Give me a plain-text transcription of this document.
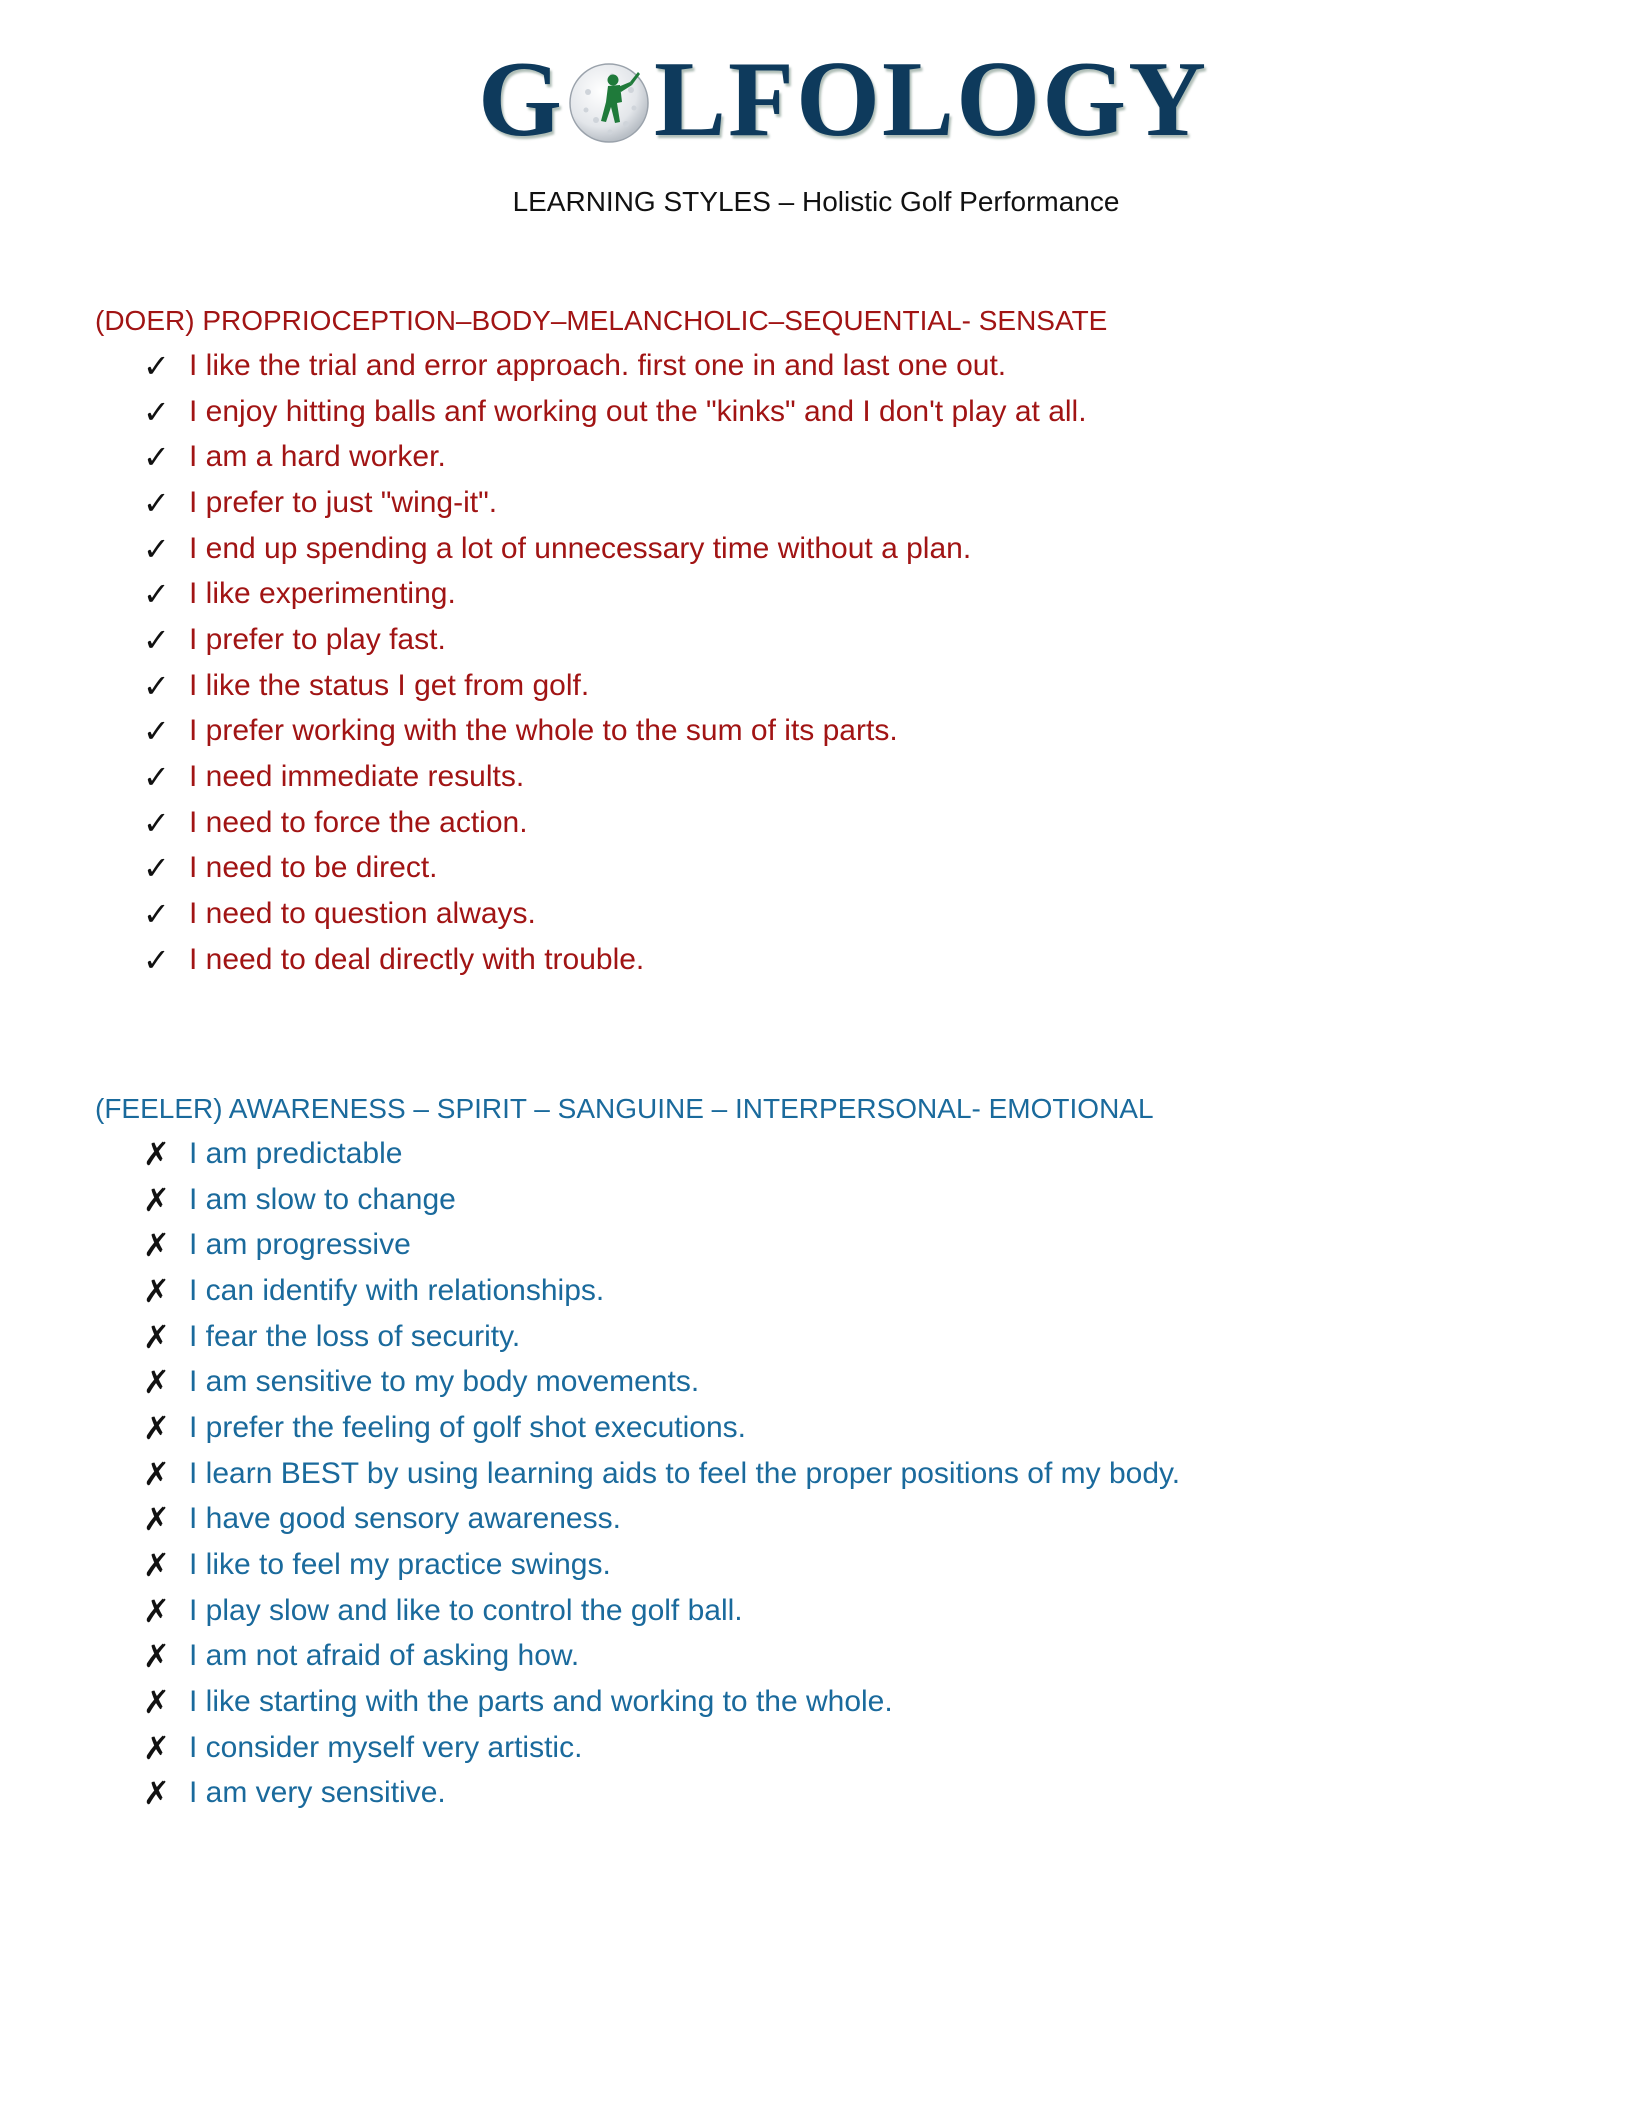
G LFOLOGY
LEARNING STYLES – Holistic Golf Performance
(DOER) PROPRIOCEPTION–BODY–MELANCHOLIC–SEQUENTIAL- SENSATE
✓ I like the trial and error approach. first one in and last one out.
✓ I enjoy hitting balls anf working out the "kinks" and I don't play at all.
✓ I am a hard worker.
✓ I prefer to just "wing-it".
✓ I end up spending a lot of unnecessary time without a plan.
✓ I like experimenting.
✓ I prefer to play fast.
✓ I like the status I get from golf.
✓ I prefer working with the whole to the sum of its parts.
✓ I need immediate results.
✓ I need to force the action.
✓ I need to be direct.
✓ I need to question always.
✓ I need to deal directly with trouble.
(FEELER) AWARENESS – SPIRIT – SANGUINE – INTERPERSONAL- EMOTIONAL
✗ I am predictable
✗ I am slow to change
✗ I am progressive
✗ I can identify with relationships.
✗ I fear the loss of security.
✗ I am sensitive to my body movements.
✗ I prefer the feeling of golf shot executions.
✗ I learn BEST by using learning aids to feel the proper positions of my body.
✗ I have good sensory awareness.
✗ I like to feel my practice swings.
✗ I play slow and like to control the golf ball.
✗ I am not afraid of asking how.
✗ I like starting with the parts and working to the whole.
✗ I consider myself very artistic.
✗ I am very sensitive.
